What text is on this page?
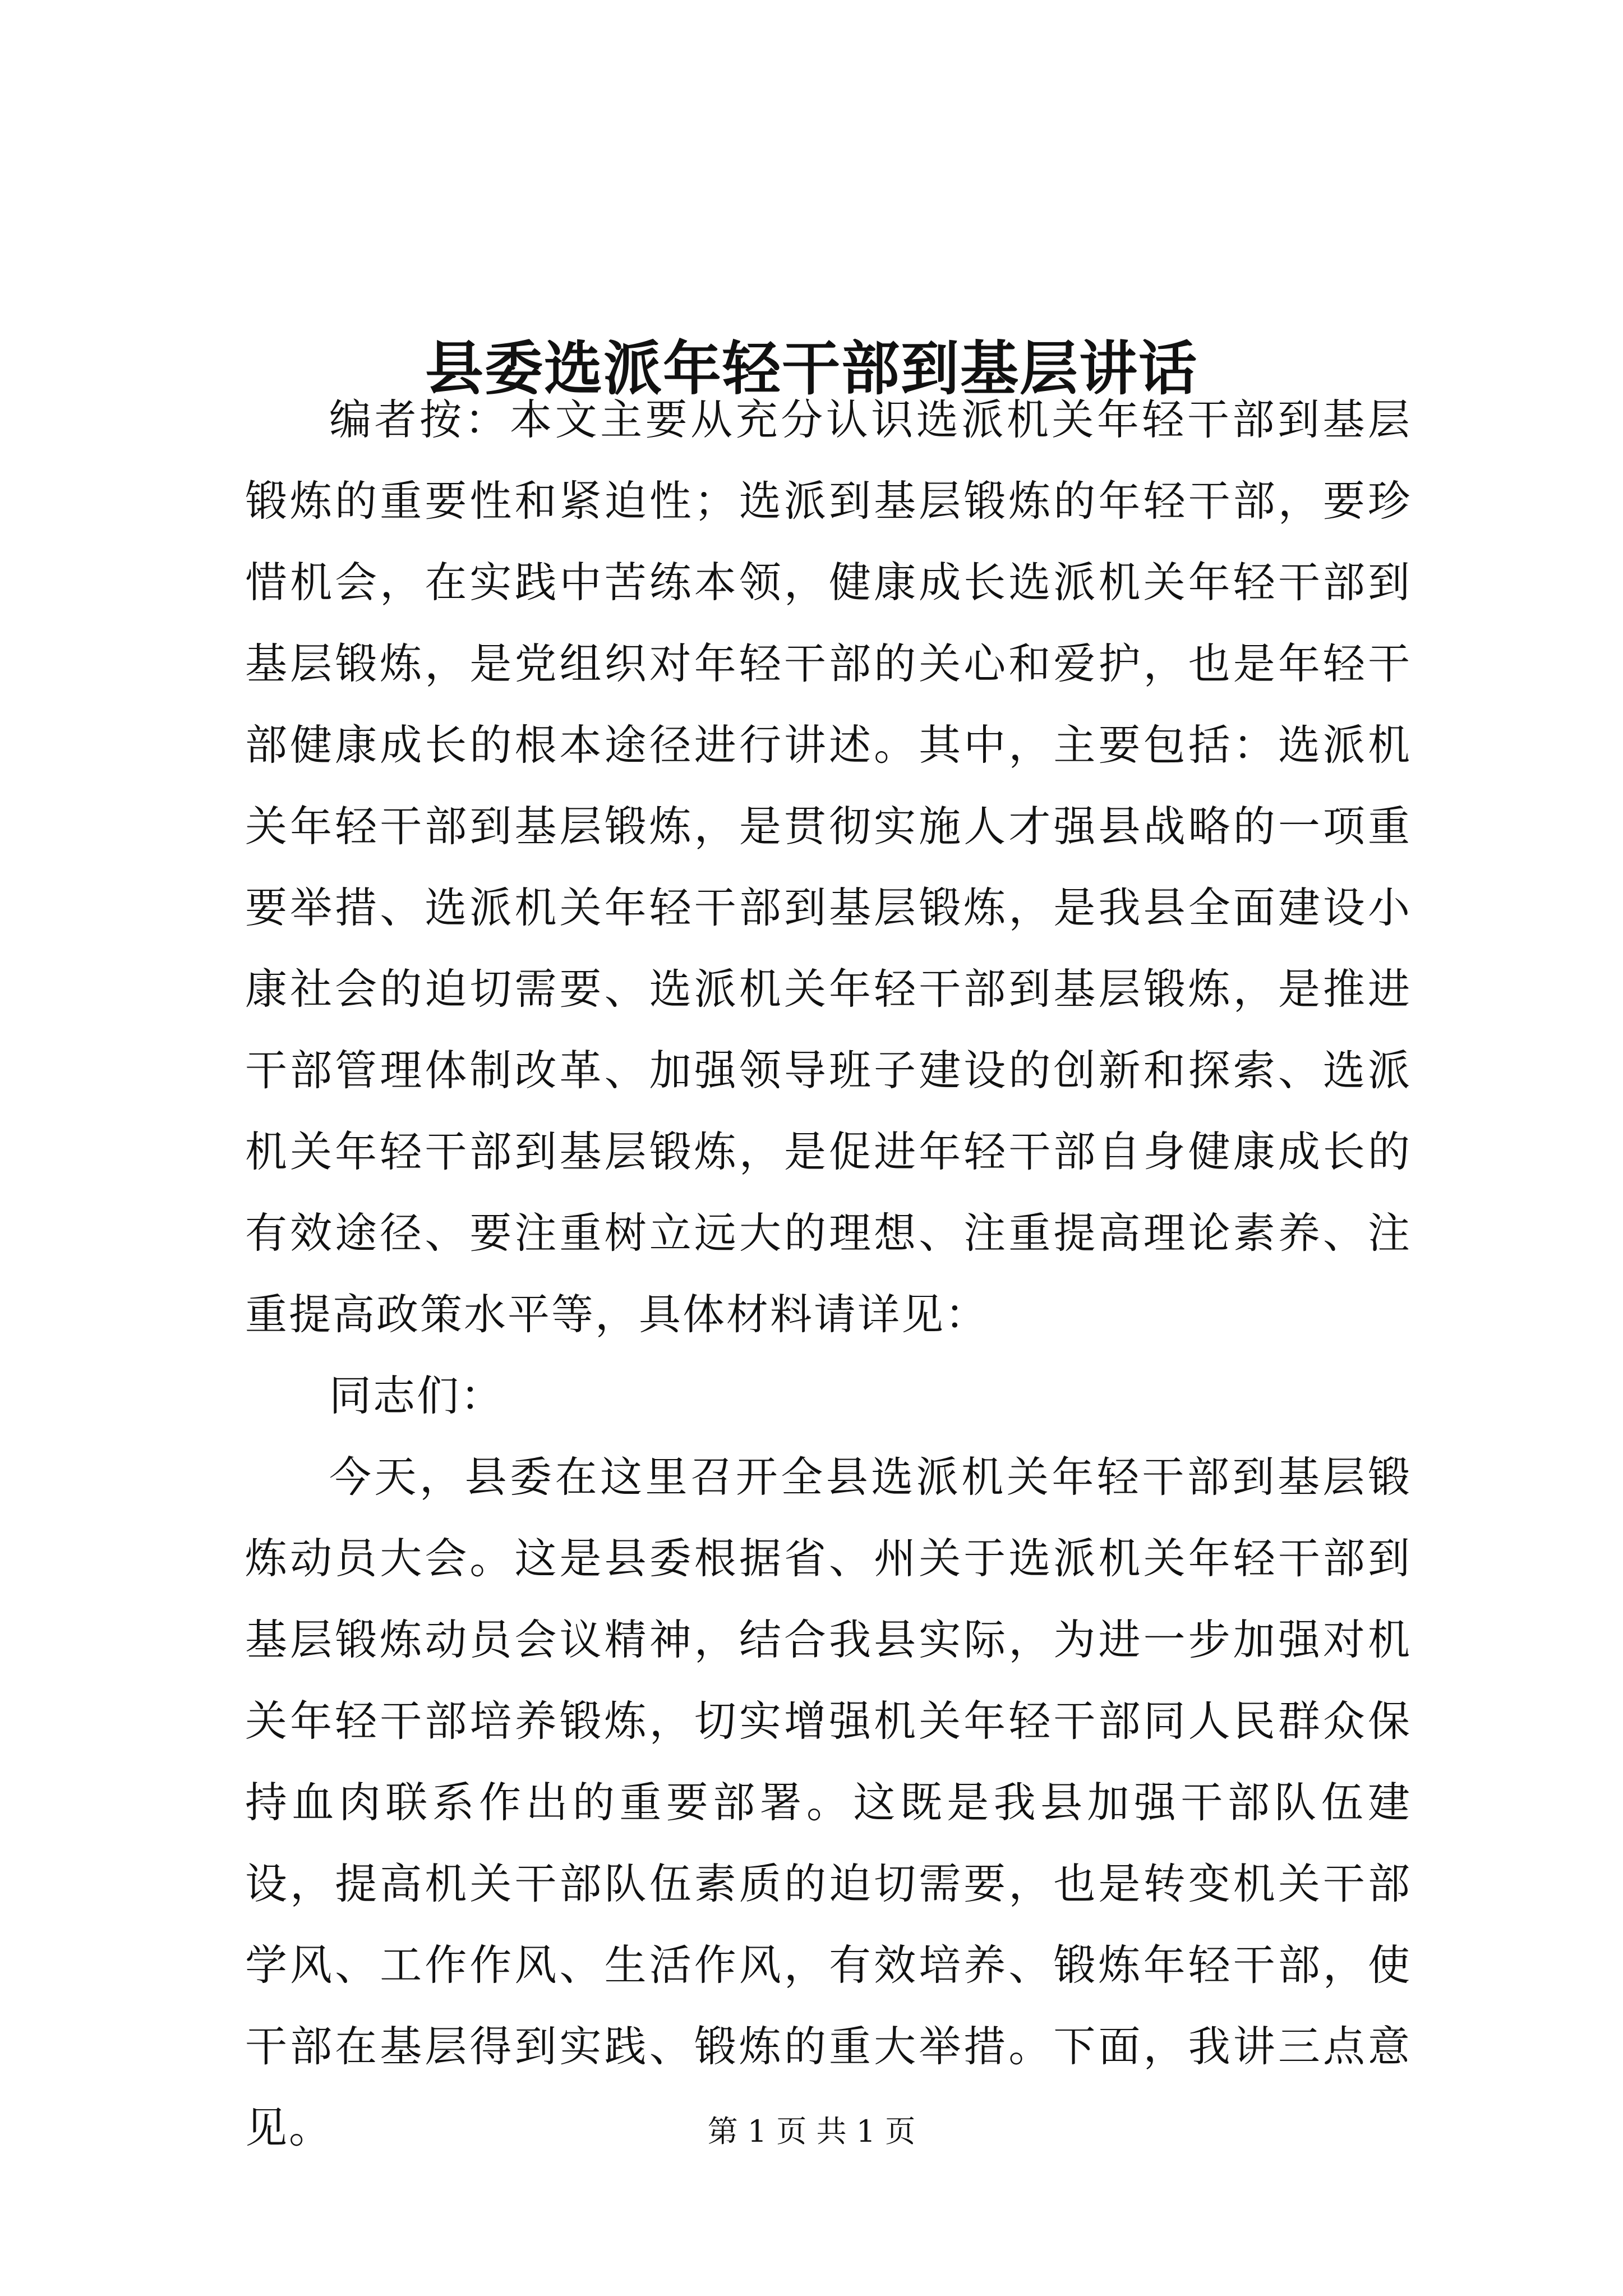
县委选派年轻干部到基层讲话

编者按：本文主要从充分认识选派机关年轻干部到基层锻炼的重要性和紧迫性；选派到基层锻炼的年轻干部，要珍惜机会，在实践中苦练本领，健康成长选派机关年轻干部到基层锻炼，是党组织对年轻干部的关心和爱护，也是年轻干部健康成长的根本途径进行讲述。其中，主要包括：选派机关年轻干部到基层锻炼，是贯彻实施人才强县战略的一项重要举措、选派机关年轻干部到基层锻炼，是我县全面建设小康社会的迫切需要、选派机关年轻干部到基层锻炼，是推进干部管理体制改革、加强领导班子建设的创新和探索、选派机关年轻干部到基层锻炼，是促进年轻干部自身健康成长的有效途径、要注重树立远大的理想、注重提高理论素养、注重提高政策水平等，具体材料请详见：

同志们：

今天，县委在这里召开全县选派机关年轻干部到基层锻炼动员大会。这是县委根据省、州关于选派机关年轻干部到基层锻炼动员会议精神，结合我县实际，为进一步加强对机关年轻干部培养锻炼，切实增强机关年轻干部同人民群众保持血肉联系作出的重要部署。这既是我县加强干部队伍建设，提高机关干部队伍素质的迫切需要，也是转变机关干部学风、工作作风、生活作风，有效培养、锻炼年轻干部，使干部在基层得到实践、锻炼的重大举措。下面，我讲三点意见。	第 1 页 共 1 页
